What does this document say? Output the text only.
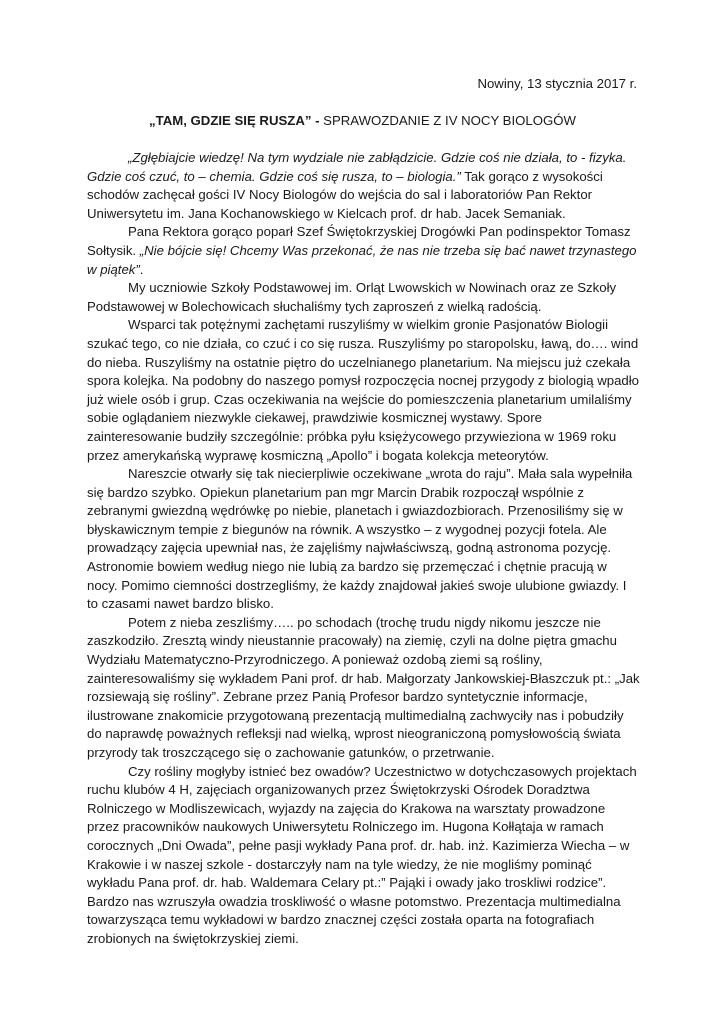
Nowiny, 13 stycznia 2017 r.
„TAM, GDZIE SIĘ RUSZA” - SPRAWOZDANIE Z IV NOCY BIOLOGÓW

„Zgłębiajcie wiedzę! Na tym wydziale nie zabłądzicie. Gdzie coś nie działa, to - fizyka. Gdzie coś czuć, to – chemia. Gdzie coś się rusza, to – biologia.” Tak gorąco z wysokości schodów zachęcał gości IV Nocy Biologów do wejścia do sal i laboratoriów Pan Rektor Uniwersytetu im. Jana Kochanowskiego w Kielcach prof. dr hab. Jacek Semaniak.

Pana Rektora gorąco poparł Szef Świętokrzyskiej Drogówki Pan podinspektor Tomasz Sołtysik. „Nie bójcie się! Chcemy Was przekonać, że nas nie trzeba się bać nawet trzynastego w piątek”.

My uczniowie Szkoły Podstawowej im. Orląt Lwowskich w Nowinach oraz ze Szkoły Podstawowej w Bolechowicach słuchaliśmy tych zaproszeń z wielką radością.

Wsparci tak potężnymi zachętami ruszyliśmy w wielkim gronie Pasjonatów Biologii szukać tego, co nie działa, co czuć i co się rusza. Ruszyliśmy po staropolsku, ławą, do…. wind do nieba. Ruszyliśmy na ostatnie piętro do uczelnianego planetarium. Na miejscu już czekała spora kolejka. Na podobny do naszego pomysł rozpoczęcia nocnej przygody z biologią wpadło już wiele osób i grup. Czas oczekiwania na wejście do pomieszczenia planetarium umilaliśmy sobie oglądaniem niezwykle ciekawej, prawdziwie kosmicznej wystawy. Spore zainteresowanie budziły szczególnie: próbka pyłu księżycowego przywieziona w 1969 roku przez amerykańską wyprawę kosmiczną „Apollo” i bogata kolekcja meteorytów.

Nareszcie otwarły się tak niecierpliwie oczekiwane „wrota do raju”. Mała sala wypełniła się bardzo szybko. Opiekun planetarium pan mgr Marcin Drabik rozpoczął wspólnie z zebranymi gwiezdną wędrówkę po niebie, planetach i gwiazdozbiorach. Przenosiliśmy się w błyskawicznym tempie z biegunów na równik. A wszystko – z wygodnej pozycji fotela. Ale prowadzący zajęcia upewniał nas, że zajęliśmy najwłaściwszą, godną astronoma pozycję. Astronomie bowiem według niego nie lubią za bardzo się przemęczać i chętnie pracują w nocy. Pomimo ciemności dostrzegliśmy, że każdy znajdował jakieś swoje ulubione gwiazdy. I to czasami nawet bardzo blisko.

Potem z nieba zeszliśmy….. po schodach (trochę trudu nigdy nikomu jeszcze nie zaszkodziło. Zresztą windy nieustannie pracowały) na ziemię, czyli na dolne piętra gmachu Wydziału Matematyczno-Przyrodniczego. A ponieważ ozdobą ziemi są rośliny, zainteresowaliśmy się wykładem Pani prof. dr hab. Małgorzaty Jankowskiej-Błaszczuk pt.: „Jak rozsiewają się rośliny”. Zebrane przez Panią Profesor bardzo syntetycznie informacje, ilustrowane znakomicie przygotowaną prezentacją multimedialną zachwyciły nas i pobudziły do naprawdę poważnych refleksji nad wielką, wprost nieograniczoną pomysłowością świata przyrody tak troszczącego się o zachowanie gatunków, o przetrwanie.

Czy rośliny mogłyby istnieć bez owadów? Uczestnictwo w dotychczasowych projektach ruchu klubów 4 H, zajęciach organizowanych przez Świętokrzyski Ośrodek Doradztwa Rolniczego w Modliszewicach, wyjazdy na zajęcia do Krakowa na warsztaty prowadzone przez pracowników naukowych Uniwersytetu Rolniczego im. Hugona Kołłątaja w ramach corocznych „Dni Owada”, pełne pasji wykłady Pana prof. dr. hab. inż. Kazimierza Wiecha – w Krakowie i w naszej szkole - dostarczyły nam na tyle wiedzy, że nie mogliśmy pominąć wykładu Pana prof. dr. hab. Waldemara Celary pt.:” Pająki i owady jako troskliwi rodzice”. Bardzo nas wzruszyła owadzia troskliwość o własne potomstwo. Prezentacja multimedialna towarzysząca temu wykładowi w bardzo znacznej części została oparta na fotografiach zrobionych na świętokrzyskiej ziemi.
